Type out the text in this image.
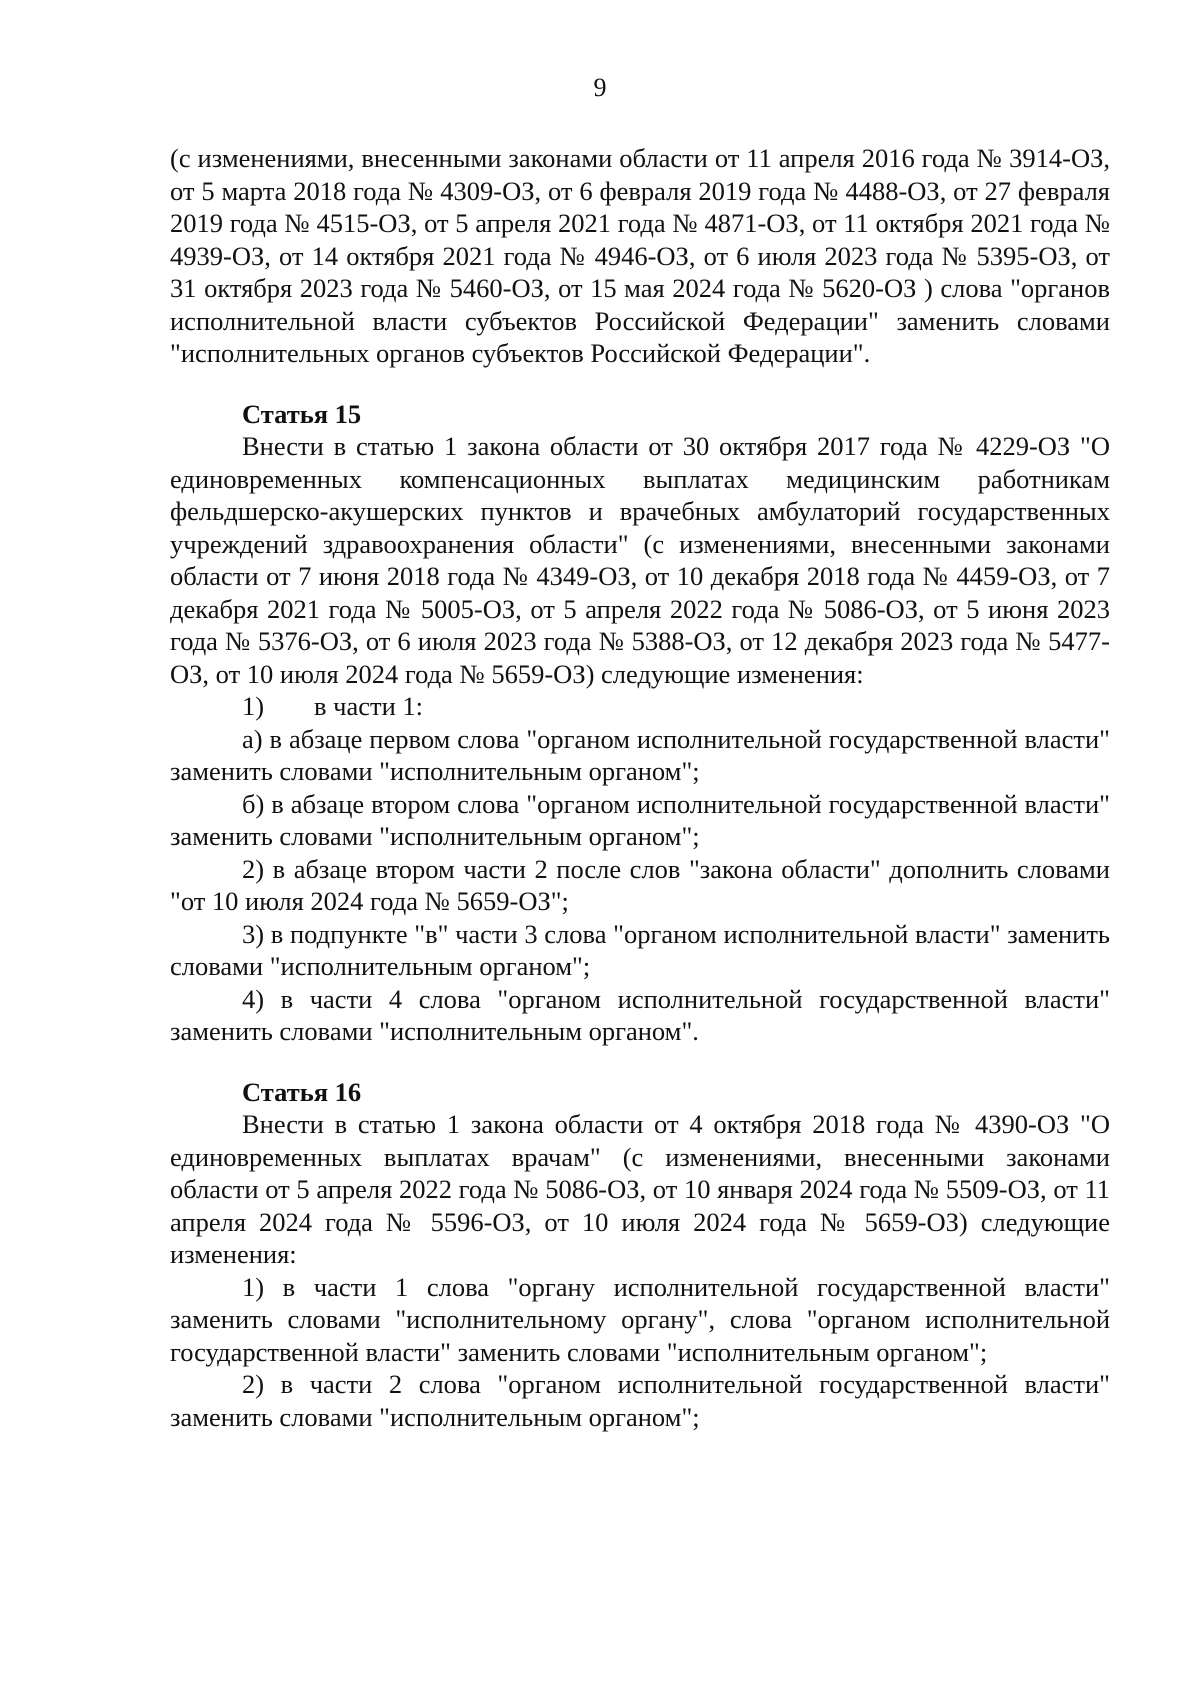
9

(с изменениями, внесенными законами области от 11 апреля 2016 года № 3914-ОЗ, от 5 марта 2018 года № 4309-ОЗ, от 6 февраля 2019 года № 4488-ОЗ, от 27 февраля 2019 года № 4515-ОЗ, от 5 апреля 2021 года № 4871-ОЗ, от 11 октября 2021 года № 4939-ОЗ, от 14 октября 2021 года № 4946-ОЗ, от 6 июля 2023 года № 5395-ОЗ, от 31 октября 2023 года № 5460-ОЗ, от 15 мая 2024 года № 5620-ОЗ ) слова "органов исполнительной власти субъектов Российской Федерации" заменить словами "исполнительных органов субъектов Российской Федерации".

Статья 15

Внести в статью 1 закона области от 30 октября 2017 года № 4229-ОЗ "О единовременных компенсационных выплатах медицинским работникам фельдшерско-акушерских пунктов и врачебных амбулаторий государственных учреждений здравоохранения области" (с изменениями, внесенными законами области от 7 июня 2018 года № 4349-ОЗ, от 10 декабря 2018 года № 4459-ОЗ, от 7 декабря 2021 года № 5005-ОЗ, от 5 апреля 2022 года № 5086-ОЗ, от 5 июня 2023 года № 5376-ОЗ, от 6 июля 2023 года № 5388-ОЗ, от 12 декабря 2023 года № 5477-ОЗ, от 10 июля 2024 года № 5659-ОЗ) следующие изменения:

1) в части 1:

а) в абзаце первом слова "органом исполнительной государственной власти" заменить словами "исполнительным органом";

б) в абзаце втором слова "органом исполнительной государственной власти" заменить словами "исполнительным органом";

2) в абзаце втором части 2 после слов "закона области" дополнить словами "от 10 июля 2024 года № 5659-ОЗ";

3) в подпункте "в" части 3 слова "органом исполнительной власти" заменить словами "исполнительным органом";

4) в части 4 слова "органом исполнительной государственной власти" заменить словами "исполнительным органом".

Статья 16

Внести в статью 1 закона области от 4 октября 2018 года № 4390-ОЗ "О единовременных выплатах врачам" (с изменениями, внесенными законами области от 5 апреля 2022 года № 5086-ОЗ, от 10 января 2024 года № 5509-ОЗ, от 11 апреля 2024 года № 5596-ОЗ, от 10 июля 2024 года № 5659-ОЗ) следующие изменения:

1) в части 1 слова "органу исполнительной государственной власти" заменить словами "исполнительному органу", слова "органом исполнительной государственной власти" заменить словами "исполнительным органом";

2) в части 2 слова "органом исполнительной государственной власти" заменить словами "исполнительным органом";
